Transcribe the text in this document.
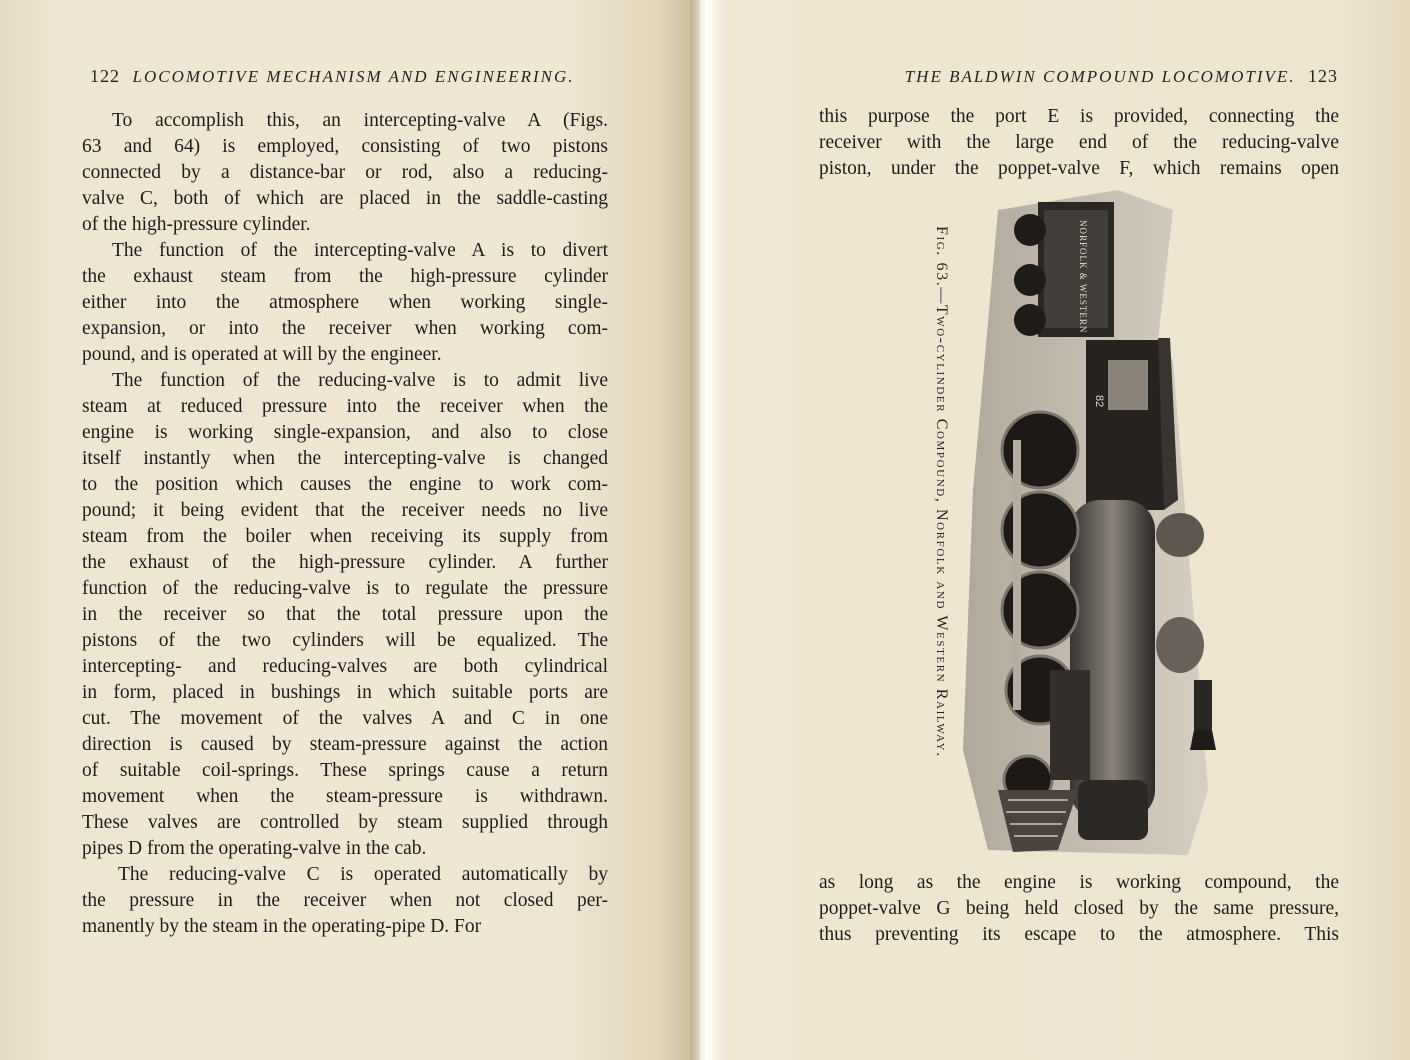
122 LOCOMOTIVE MECHANISM AND ENGINEERING.
To accomplish this, an intercepting-valve A (Figs.
63 and 64) is employed, consisting of two pistons
connected by a distance-bar or rod, also a reducing-
valve C, both of which are placed in the saddle-casting
of the high-pressure cylinder.
The function of the intercepting-valve A is to divert
the exhaust steam from the high-pressure cylinder
either into the atmosphere when working single-
expansion, or into the receiver when working com-
pound, and is operated at will by the engineer.
The function of the reducing-valve is to admit live
steam at reduced pressure into the receiver when the
engine is working single-expansion, and also to close
itself instantly when the intercepting-valve is changed
to the position which causes the engine to work com-
pound; it being evident that the receiver needs no live
steam from the boiler when receiving its supply from
the exhaust of the high-pressure cylinder. A further
function of the reducing-valve is to regulate the pressure
in the receiver so that the total pressure upon the
pistons of the two cylinders will be equalized. The
intercepting- and reducing-valves are both cylindrical
in form, placed in bushings in which suitable ports are
cut. The movement of the valves A and C in one
direction is caused by steam-pressure against the action
of suitable coil-springs. These springs cause a return
movement when the steam-pressure is withdrawn.
These valves are controlled by steam supplied through
pipes D from the operating-valve in the cab.
The reducing-valve C is operated automatically by
the pressure in the receiver when not closed per-
manently by the steam in the operating-pipe D. For
THE BALDWIN COMPOUND LOCOMOTIVE. 123
this purpose the port E is provided, connecting the
receiver with the large end of the reducing-valve
piston, under the poppet-valve F, which remains open
as long as the engine is working compound, the
poppet-valve G being held closed by the same pressure,
thus preventing its escape to the atmosphere. This
Fig. 63.—Two-cylinder Compound, Norfolk and Western Railway.	NORFOLK & WESTERN
82
